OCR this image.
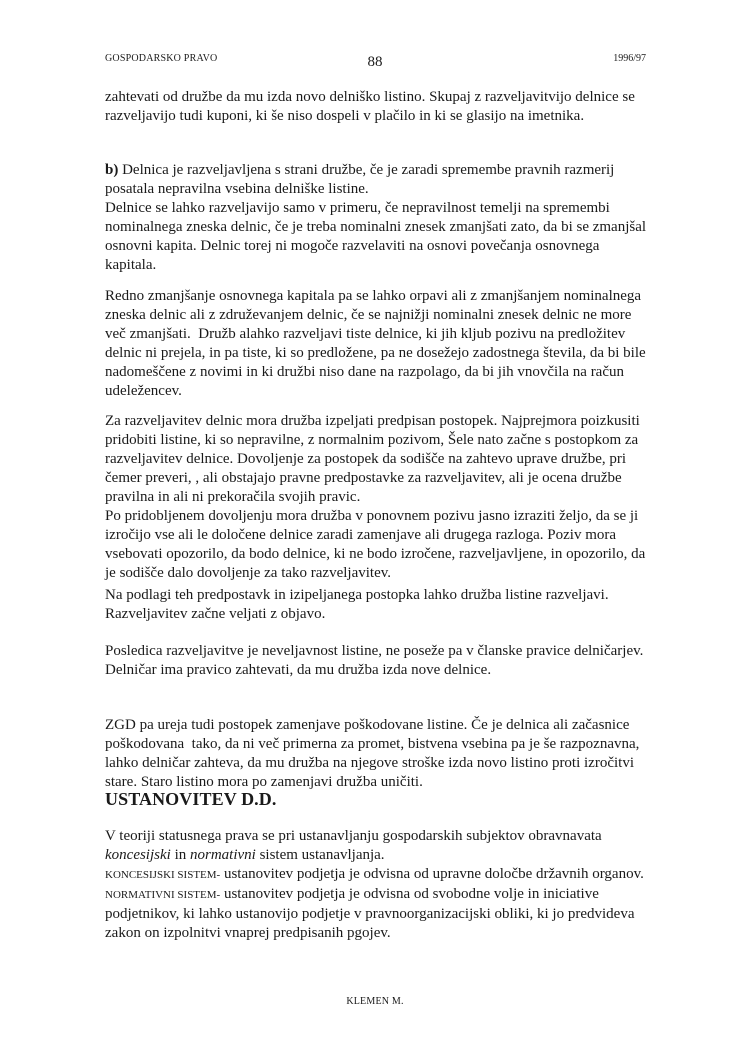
GOSPODARSKO PRAVO	88	1996/97

zahtevati od družbe da mu izda novo delniško listino. Skupaj z razveljavitvijo delnice se razveljavijo tudi kuponi, ki še niso dospeli v plačilo in ki se glasijo na imetnika.

b) Delnica je razveljavljena s strani družbe, če je zaradi spremembe pravnih razmerij posatala nepravilna vsebina delniške listine.

Delnice se lahko razveljavijo samo v primeru, če nepravilnost temelji na spremembi nominalnega zneska delnic, če je treba nominalni znesek zmanjšati zato, da bi se zmanjšal osnovni kapita. Delnic torej ni mogoče razvelaviti na osnovi povečanja osnovnega kapitala.

Redno zmanjšanje osnovnega kapitala pa se lahko orpavi ali z zmanjšanjem nominalnega zneska delnic ali z združevanjem delnic, če se najnižji nominalni znesek delnic ne more več zmanjšati.  Družb alahko razveljavi tiste delnice, ki jih kljub pozivu na predložitev delnic ni prejela, in pa tiste, ki so predložene, pa ne dosežejo zadostnega števila, da bi bile nadomeščene z novimi in ki družbi niso dane na razpolago, da bi jih vnovčila na račun udeležencev.

Za razveljavitev delnic mora družba izpeljati predpisan postopek. Najprejmora poizkusiti pridobiti listine, ki so nepravilne, z normalnim pozivom, Šele nato začne s postopkom za razveljavitev delnice. Dovoljenje za postopek da sodišče na zahtevo uprave družbe, pri čemer preveri, , ali obstajajo pravne predpostavke za razveljavitev, ali je ocena družbe pravilna in ali ni prekoračila svojih pravic.

Po pridobljenem dovoljenju mora družba v ponovnem pozivu jasno izraziti željo, da se ji izročijo vse ali le določene delnice zaradi zamenjave ali drugega razloga. Poziv mora vsebovati opozorilo, da bodo delnice, ki ne bodo izročene, razveljavljene, in opozorilo, da je sodišče dalo dovoljenje za tako razveljavitev.

Na podlagi teh predpostavk in izipeljanega postopka lahko družba listine razveljavi.

Razveljavitev začne veljati z objavo.

Posledica razveljavitve je neveljavnost listine, ne poseže pa v članske pravice delničarjev. Delničar ima pravico zahtevati, da mu družba izda nove delnice.

ZGD pa ureja tudi postopek zamenjave poškodovane listine. Če je delnica ali začasnice poškodovana  tako, da ni več primerna za promet, bistvena vsebina pa je še razpoznavna, lahko delničar zahteva, da mu družba na njegove stroške izda novo listino proti izročitvi stare. Staro listino mora po zamenjavi družba uničiti.

USTANOVITEV D.D.

V teoriji statusnega prava se pri ustanavljanju gospodarskih subjektov obravnavata koncesijski in normativni sistem ustanavljanja.

KONCESIJSKI SISTEM- ustanovitev podjetja je odvisna od upravne določbe državnih organov.

NORMATIVNI SISTEM- ustanovitev podjetja je odvisna od svobodne volje in iniciative podjetnikov, ki lahko ustanovijo podjetje v pravnoorganizacijski obliki, ki jo predvideva zakon on izpolnitvi vnaprej predpisanih pgojev.

KLEMEN M.
